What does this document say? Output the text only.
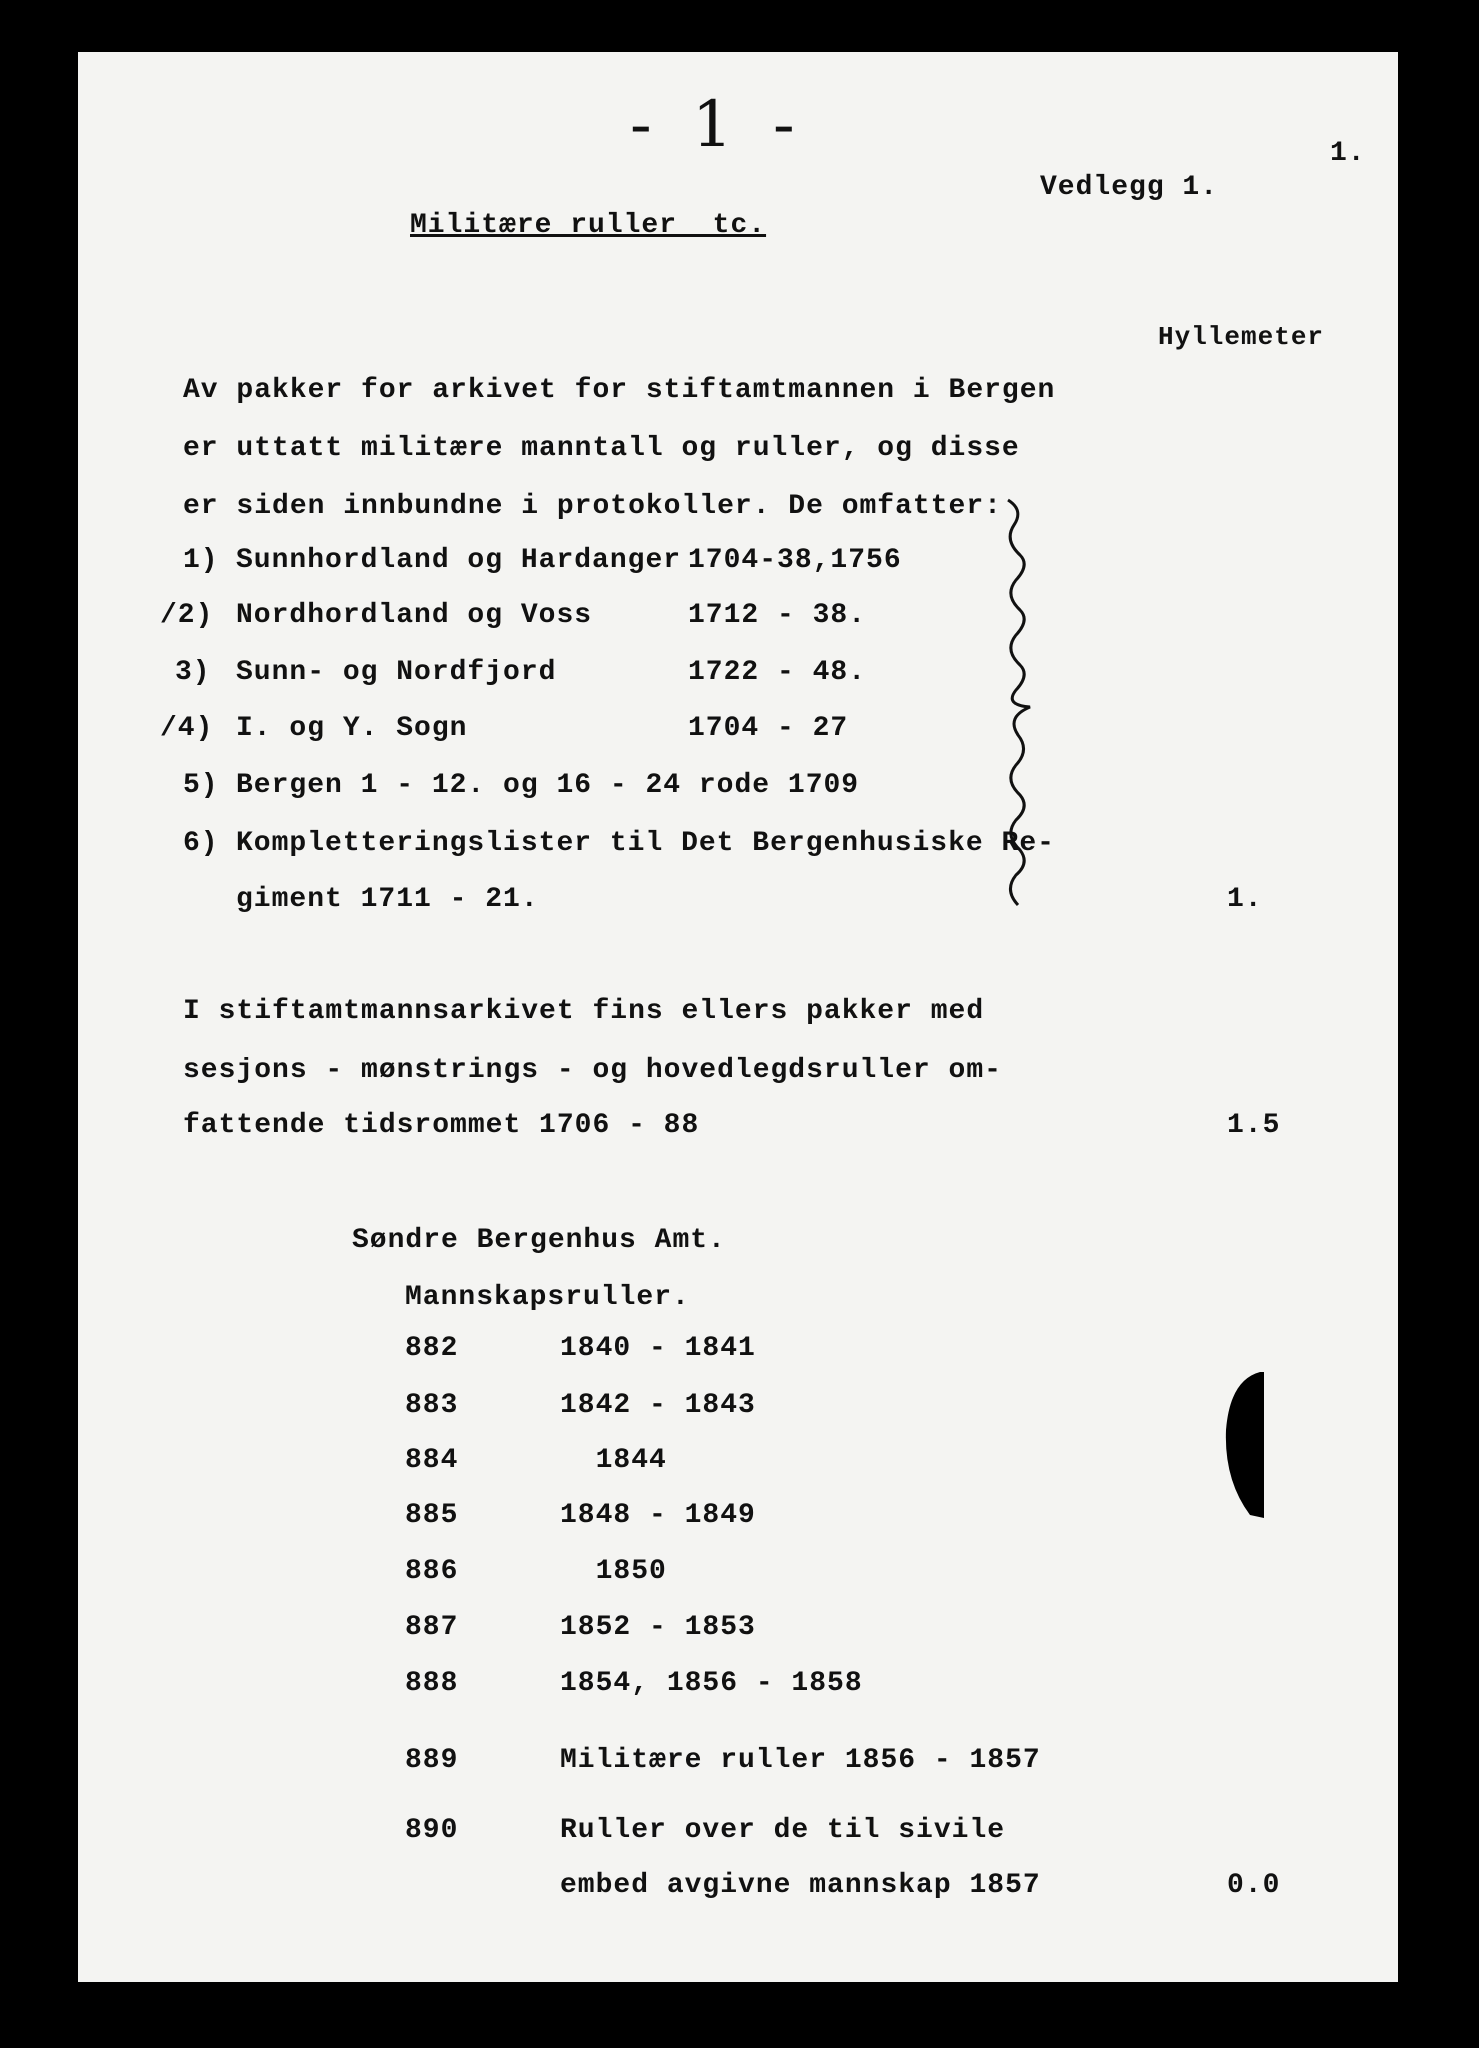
- 1 -	1.
Vedlegg 1.
Militære ruller  tc.
Hyllemeter
Av pakker for arkivet for stiftamtmannen i Bergen
er uttatt militære manntall og ruller, og disse
er siden innbundne i protokoller. De omfatter:
1) Sunnhordland og Hardanger 1704-38,1756
/2) Nordhordland og Voss	1712 - 38.
3) Sunn- og Nordfjord	1722 - 48.
/4) I. og Y. Sogn	1704 - 27
5) Bergen 1 - 12. og 16 - 24 rode 1709
6) Kompletteringslister til Det Bergenhusiske Re-
giment 1711 - 21.	1.
I stiftamtmannsarkivet fins ellers pakker med
sesjons - mønstrings - og hovedlegdsruller om-
fattende tidsrommet 1706 - 88	1.5
Søndre Bergenhus Amt.
Mannskapsruller.
882	1840 - 1841
883	1842 - 1843
884	1844
885	1848 - 1849
886	1850
887	1852 - 1853
888	1854, 1856 - 1858
889	Militære ruller 1856 - 1857
890	Ruller over de til sivile
embed avgivne mannskap 1857	0.0
